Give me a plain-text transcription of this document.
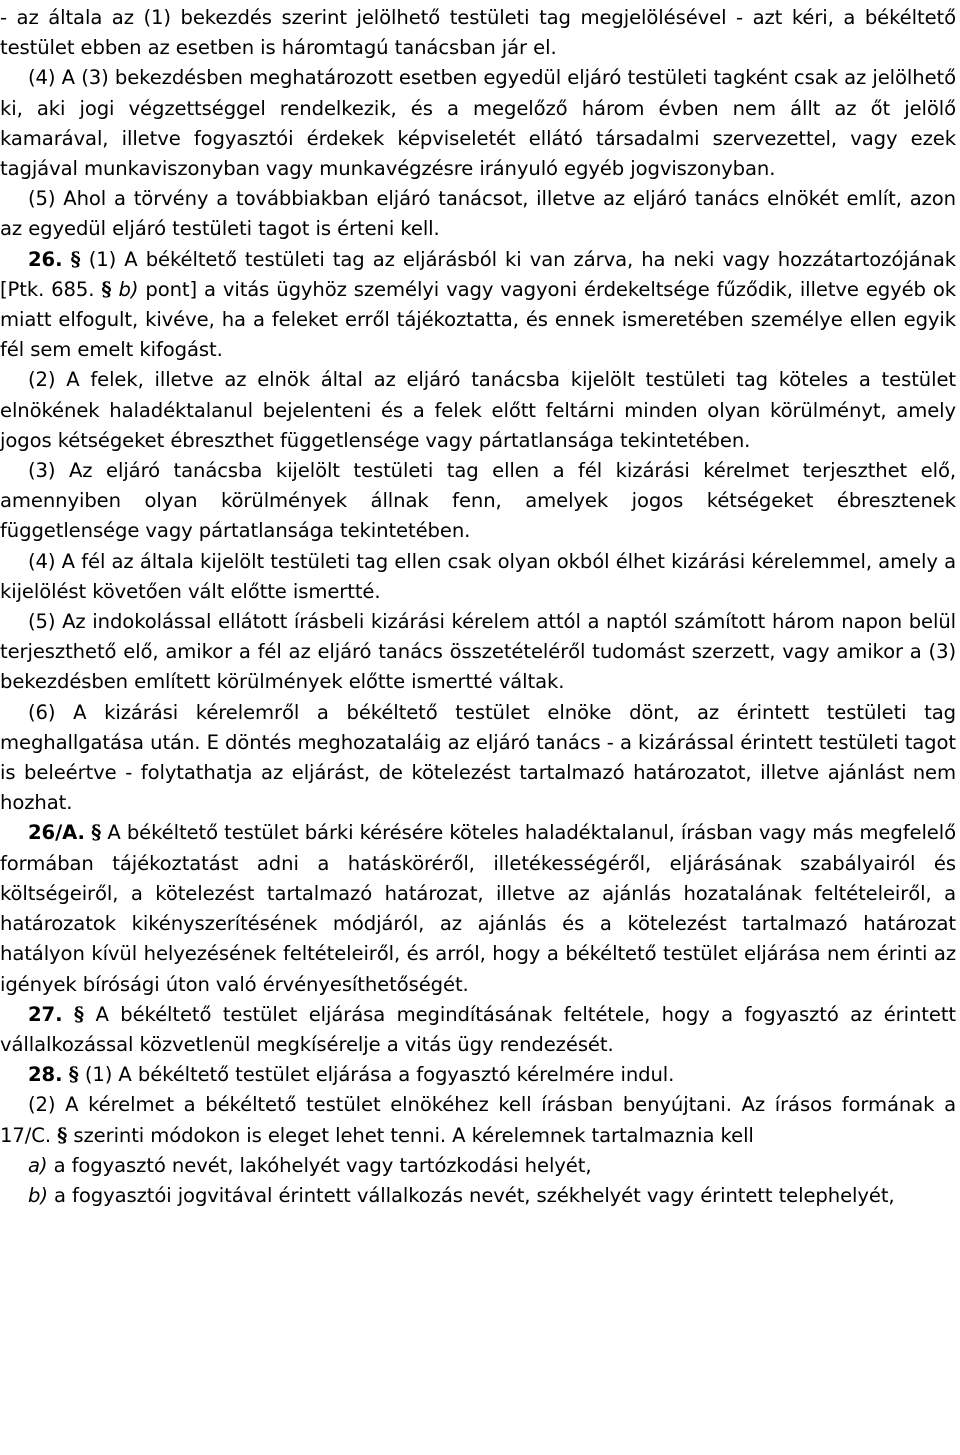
- az általa az (1) bekezdés szerint jelölhető testületi tag megjelölésével - azt kéri, a békéltető testület ebben az esetben is háromtagú tanácsban jár el.

(4) A (3) bekezdésben meghatározott esetben egyedül eljáró testületi tagként csak az jelölhető ki, aki jogi végzettséggel rendelkezik, és a megelőző három évben nem állt az őt jelölő kamarával, illetve fogyasztói érdekek képviseletét ellátó társadalmi szervezettel, vagy ezek tagjával munkaviszonyban vagy munkavégzésre irányuló egyéb jogviszonyban.

(5) Ahol a törvény a továbbiakban eljáró tanácsot, illetve az eljáró tanács elnökét említ, azon az egyedül eljáró testületi tagot is érteni kell.

26. § (1) A békéltető testületi tag az eljárásból ki van zárva, ha neki vagy hozzátartozójának [Ptk. 685. § b) pont] a vitás ügyhöz személyi vagy vagyoni érdekeltsége fűződik, illetve egyéb ok miatt elfogult, kivéve, ha a feleket erről tájékoztatta, és ennek ismeretében személye ellen egyik fél sem emelt kifogást.

(2) A felek, illetve az elnök által az eljáró tanácsba kijelölt testületi tag köteles a testület elnökének haladéktalanul bejelenteni és a felek előtt feltárni minden olyan körülményt, amely jogos kétségeket ébreszthet függetlensége vagy pártatlansága tekintetében.

(3) Az eljáró tanácsba kijelölt testületi tag ellen a fél kizárási kérelmet terjeszthet elő, amennyiben olyan körülmények állnak fenn, amelyek jogos kétségeket ébresztenek függetlensége vagy pártatlansága tekintetében.

(4) A fél az általa kijelölt testületi tag ellen csak olyan okból élhet kizárási kérelemmel, amely a kijelölést követően vált előtte ismertté.

(5) Az indokolással ellátott írásbeli kizárási kérelem attól a naptól számított három napon belül terjeszthető elő, amikor a fél az eljáró tanács összetételéről tudomást szerzett, vagy amikor a (3) bekezdésben említett körülmények előtte ismertté váltak.

(6) A kizárási kérelemről a békéltető testület elnöke dönt, az érintett testületi tag meghallgatása után. E döntés meghozataláig az eljáró tanács - a kizárással érintett testületi tagot is beleértve - folytathatja az eljárást, de kötelezést tartalmazó határozatot, illetve ajánlást nem hozhat.

26/A. § A békéltető testület bárki kérésére köteles haladéktalanul, írásban vagy más megfelelő formában tájékoztatást adni a hatásköréről, illetékességéről, eljárásának szabályairól és költségeiről, a kötelezést tartalmazó határozat, illetve az ajánlás hozatalának feltételeiről, a határozatok kikényszerítésének módjáról, az ajánlás és a kötelezést tartalmazó határozat hatályon kívül helyezésének feltételeiről, és arról, hogy a békéltető testület eljárása nem érinti az igények bírósági úton való érvényesíthetőségét.

27. § A békéltető testület eljárása megindításának feltétele, hogy a fogyasztó az érintett vállalkozással közvetlenül megkísérelje a vitás ügy rendezését.

28. § (1) A békéltető testület eljárása a fogyasztó kérelmére indul.

(2) A kérelmet a békéltető testület elnökéhez kell írásban benyújtani. Az írásos formának a 17/C. § szerinti módokon is eleget lehet tenni. A kérelemnek tartalmaznia kell

a) a fogyasztó nevét, lakóhelyét vagy tartózkodási helyét,

b) a fogyasztói jogvitával érintett vállalkozás nevét, székhelyét vagy érintett telephelyét,
